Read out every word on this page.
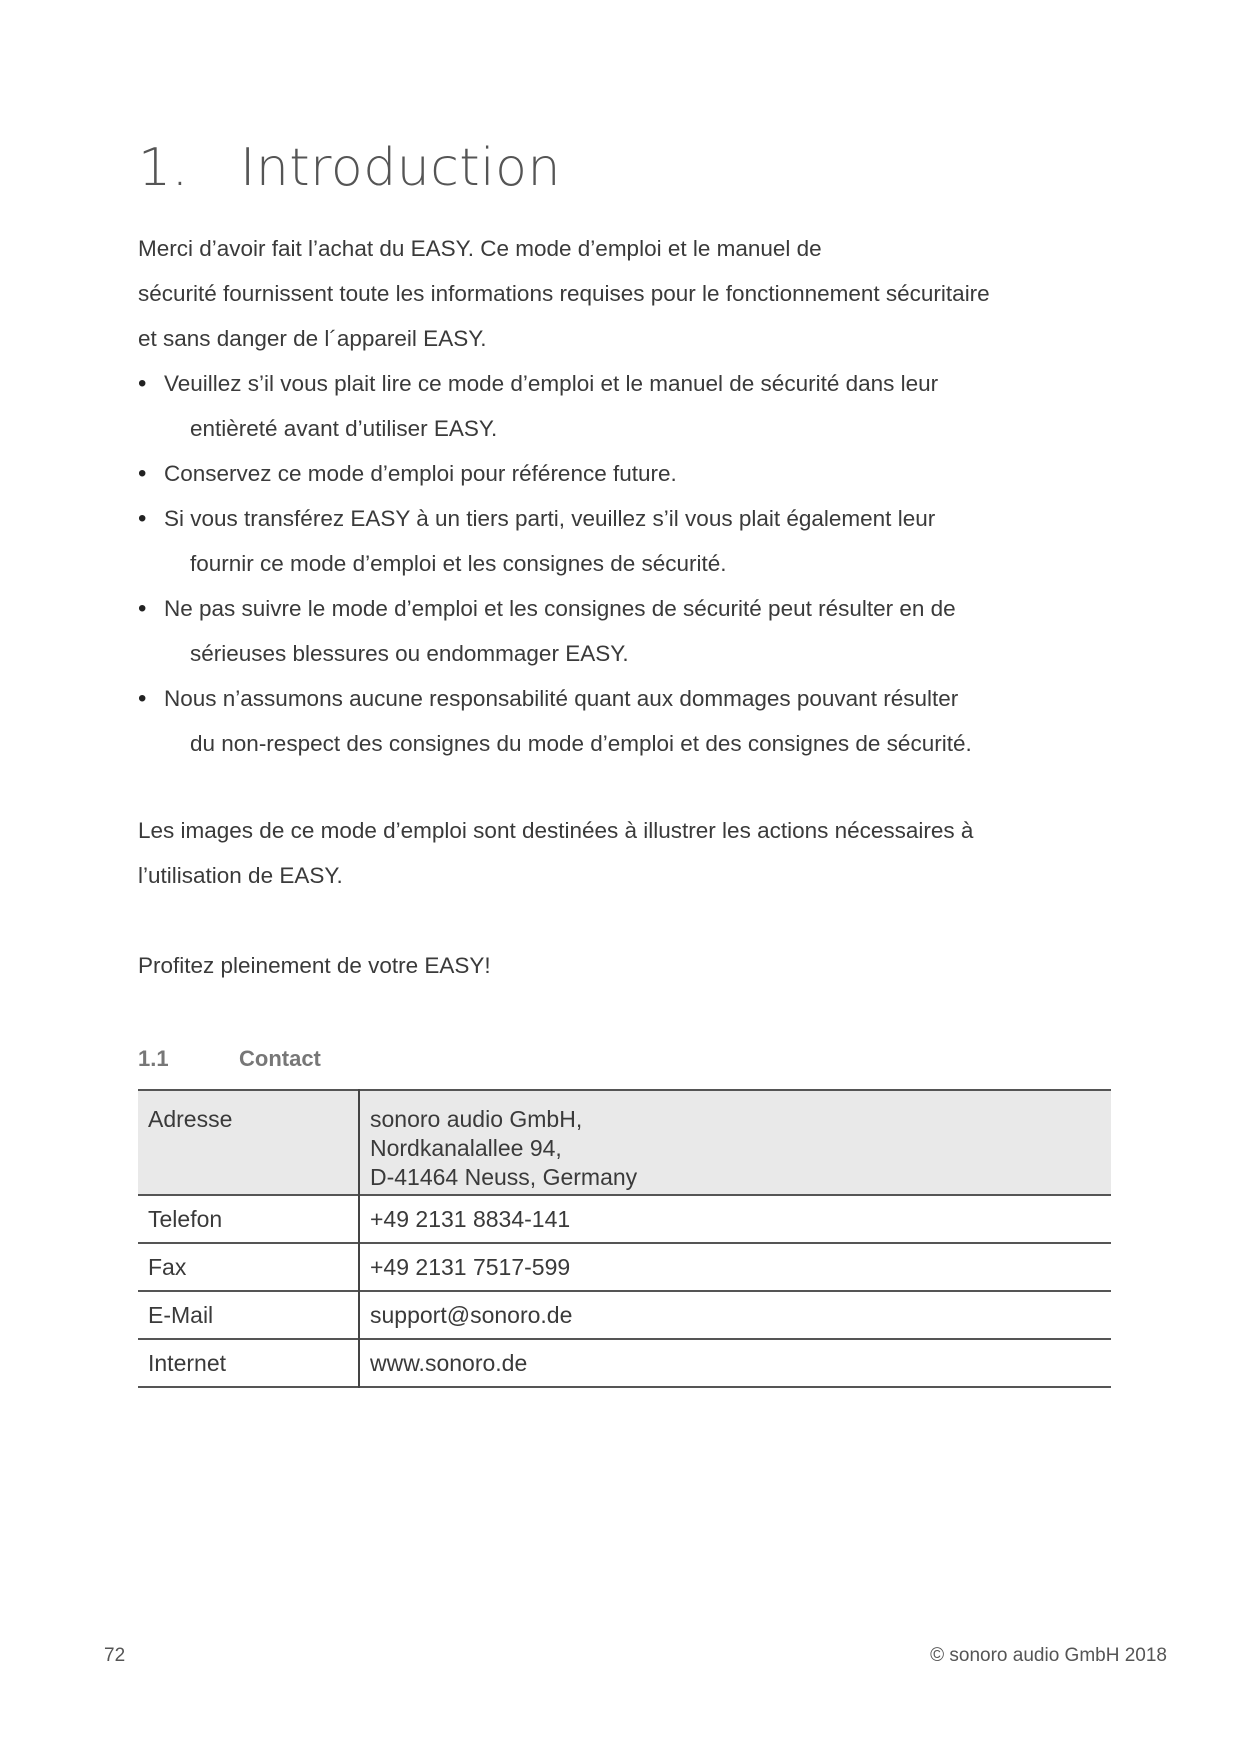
1. Introduction
Merci d’avoir fait l’achat du EASY. Ce mode d’emploi et le manuel de
sécurité fournissent toute les informations requises pour le fonctionnement sécuritaire
et sans danger de l´appareil EASY.
• Veuillez s’il vous plait lire ce mode d’emploi et le manuel de sécurité dans leur
entièreté avant d’utiliser EASY.
• Conservez ce mode d’emploi pour référence future.
• Si vous transférez EASY à un tiers parti, veuillez s’il vous plait également leur
fournir ce mode d’emploi et les consignes de sécurité.
• Ne pas suivre le mode d’emploi et les consignes de sécurité peut résulter en de
sérieuses blessures ou endommager EASY.
• Nous n’assumons aucune responsabilité quant aux dommages pouvant résulter
du non-respect des consignes du mode d’emploi et des consignes de sécurité.
Les images de ce mode d’emploi sont destinées à illustrer les actions nécessaires à
l’utilisation de EASY.
Profitez pleinement de votre EASY!
1.1	Contact
Adresse	sonoro audio GmbH,
Nordkanalallee 94,
D-41464 Neuss, Germany

Telefon	+49 2131 8834-141
Fax	+49 2131 7517-599
E-Mail	support@sonoro.de
Internet	www.sonoro.de
72	© sonoro audio GmbH 2018
